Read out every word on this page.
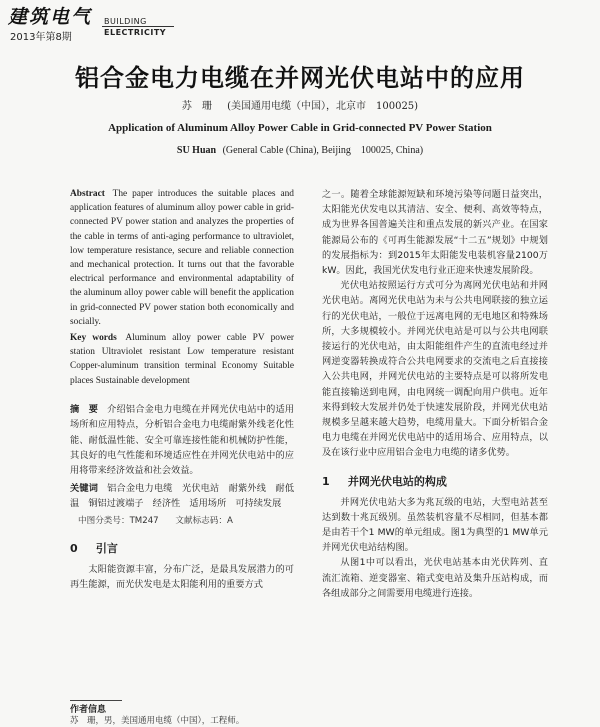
建筑电气 BUILDING
ELECTRICITY
2013年第8期
铝合金电力电缆在并网光伏电站中的应用
苏　珊 (美国通用电缆（中国），北京市　100025)
Application of Aluminum Alloy Power Cable in Grid-connected PV Power Station
SU Huan (General Cable (China), Beijing　100025, China)

Abstract The paper introduces the suitable places and application features of aluminum alloy power cable in grid-connected PV power station and analyzes the properties of the cable in terms of anti-aging performance to ultraviolet, low temperature resistance, secure and reliable connection and mechanical protection. It turns out that the favorable electrical performance and environmental adaptability of the aluminum alloy power cable will benefit the application in grid-connected PV power station both economically and socially.

Key words Aluminum alloy power cable PV power station Ultraviolet resistant Low temperature resistant Copper-aluminum transition terminal Economy Suitable places Sustainable development

摘　要 介绍铝合金电力电缆在并网光伏电站中的适用场所和应用特点，分析铝合金电力电缆耐紫外线老化性能、耐低温性能、安全可靠连接性能和机械防护性能，其良好的电气性能和环境适应性在并网光伏电站中的应用将带来经济效益和社会效益。

关键词 铝合金电力电缆　光伏电站　耐紫外线　耐低温　铜铝过渡端子　经济性　适用场所　可持续发展

中图分类号：TM247 文献标志码：A
0 引言

太阳能资源丰富，分布广泛，是最具发展潜力的可再生能源，而光伏发电是太阳能利用的重要方式

之一。随着全球能源短缺和环境污染等问题日益突出，太阳能光伏发电以其清洁、安全、便利、高效等特点，成为世界各国普遍关注和重点发展的新兴产业。在国家能源局公布的《可再生能源发展“十二五”规划》中规划的发展指标为：到2015年太阳能发电装机容量2100万kW。因此，我国光伏发电行业正迎来快速发展阶段。

光伏电站按照运行方式可分为离网光伏电站和并网光伏电站。离网光伏电站为未与公共电网联接的独立运行的光伏电站，一般位于远离电网的无电地区和特殊场所，大多规模较小。并网光伏电站是可以与公共电网联接运行的光伏电站，由太阳能组件产生的直流电经过并网逆变器转换成符合公共电网要求的交流电之后直接接入公共电网，并网光伏电站的主要特点是可以将所发电能直接输送到电网，由电网统一调配向用户供电。近年来得到较大发展并仍处于快速发展阶段，并网光伏电站规模多呈越来越大趋势，电缆用量大。下面分析铝合金电力电缆在并网光伏电站中的适用场合、应用特点，以及在该行业中应用铝合金电力电缆的诸多优势。

1 并网光伏电站的构成

并网光伏电站大多为兆瓦级的电站，大型电站甚至达到数十兆瓦级别。虽然装机容量不尽相同，但基本都是由若干个1 MW的单元组成。图1为典型的1 MW单元并网光伏电站结构图。

从图1中可以看出，光伏电站基本由光伏阵列、直流汇流箱、逆变器室、箱式变电站及集升压站构成，而各组成部分之间需要用电缆进行连接。

作者信息
苏　珊，男，美国通用电缆（中国），工程师。
